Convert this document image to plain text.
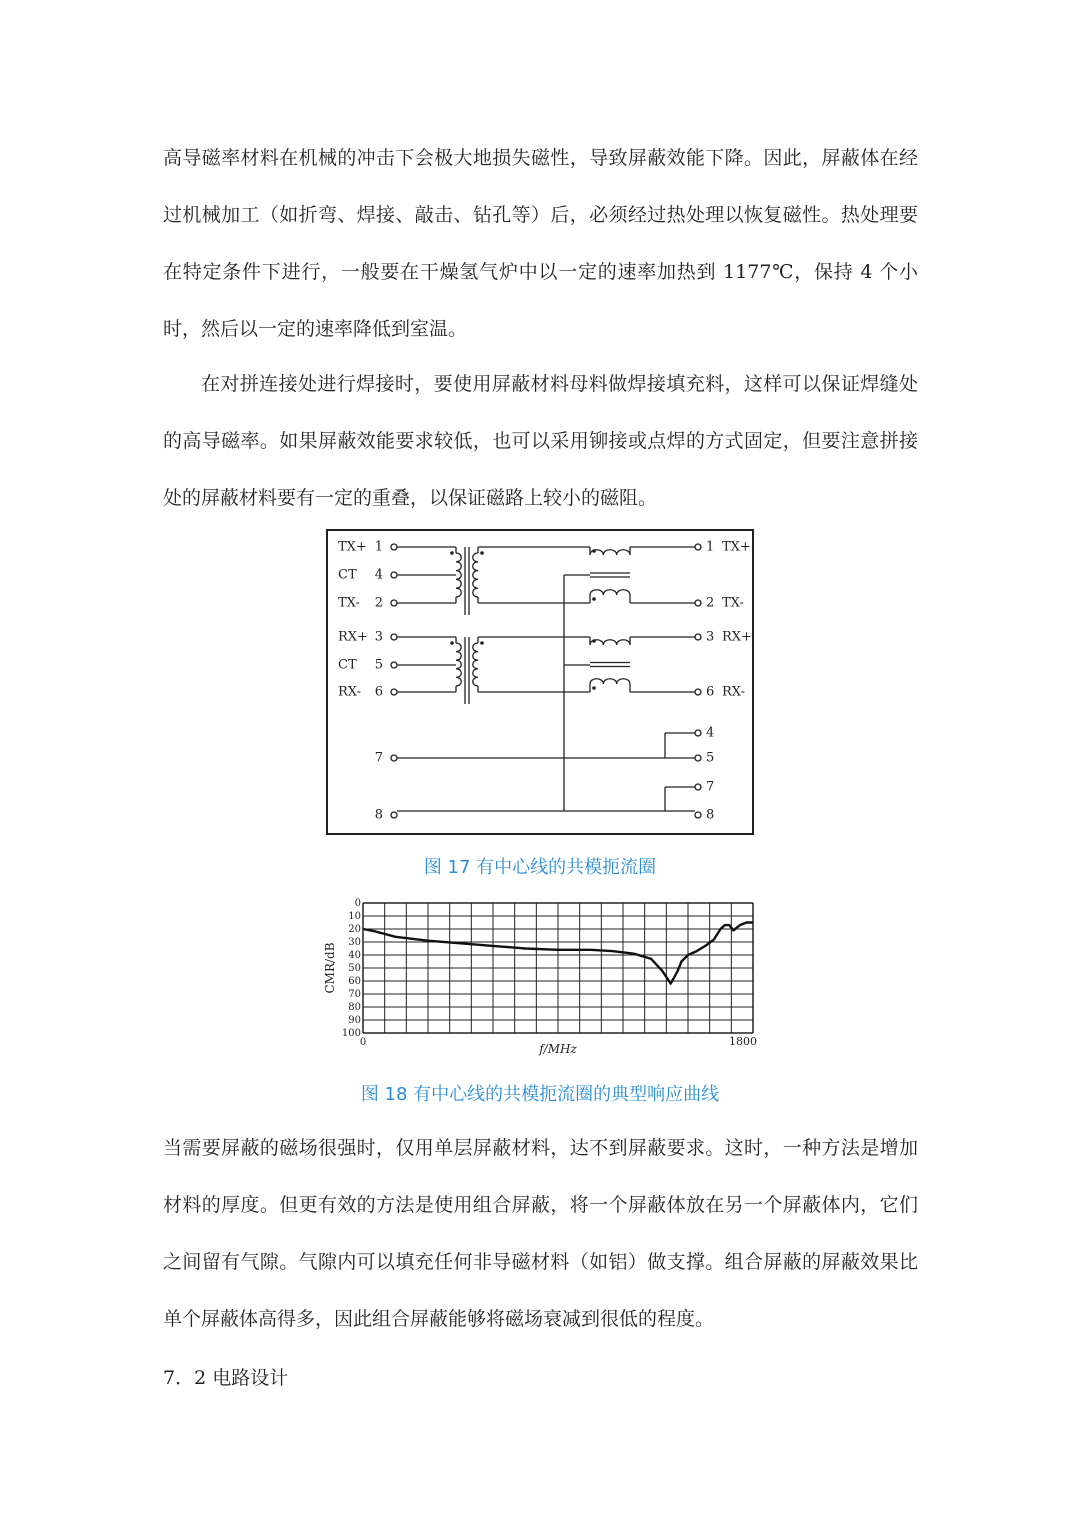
高导磁率材料在机械的冲击下会极大地损失磁性，导致屏蔽效能下降。因此，屏蔽体在经过机械加工（如折弯、焊接、敲击、钻孔等）后，必须经过热处理以恢复磁性。热处理要在特定条件下进行，一般要在干燥氢气炉中以一定的速率加热到 1177℃，保持 4 个小时，然后以一定的速率降低到室温。

在对拼连接处进行焊接时，要使用屏蔽材料母料做焊接填充料，这样可以保证焊缝处的高导磁率。如果屏蔽效能要求较低，也可以采用铆接或点焊的方式固定，但要注意拼接处的屏蔽材料要有一定的重叠，以保证磁路上较小的磁阻。

TX+ 1
CT 4
TX- 2
RX+ 3
CT 5
RX- 6
7
8
1 TX+
2 TX-
3 RX+
6 RX-
4
5
7
8

图 17 有中心线的共模扼流圈

0
10
20
30
40
50
60
70
80
90
100
0	1800
f/MHz
CMR/dB

图 18 有中心线的共模扼流圈的典型响应曲线

当需要屏蔽的磁场很强时，仅用单层屏蔽材料，达不到屏蔽要求。这时，一种方法是增加材料的厚度。但更有效的方法是使用组合屏蔽，将一个屏蔽体放在另一个屏蔽体内，它们之间留有气隙。气隙内可以填充任何非导磁材料（如铝）做支撑。组合屏蔽的屏蔽效果比单个屏蔽体高得多，因此组合屏蔽能够将磁场衰减到很低的程度。

7．2 电路设计
